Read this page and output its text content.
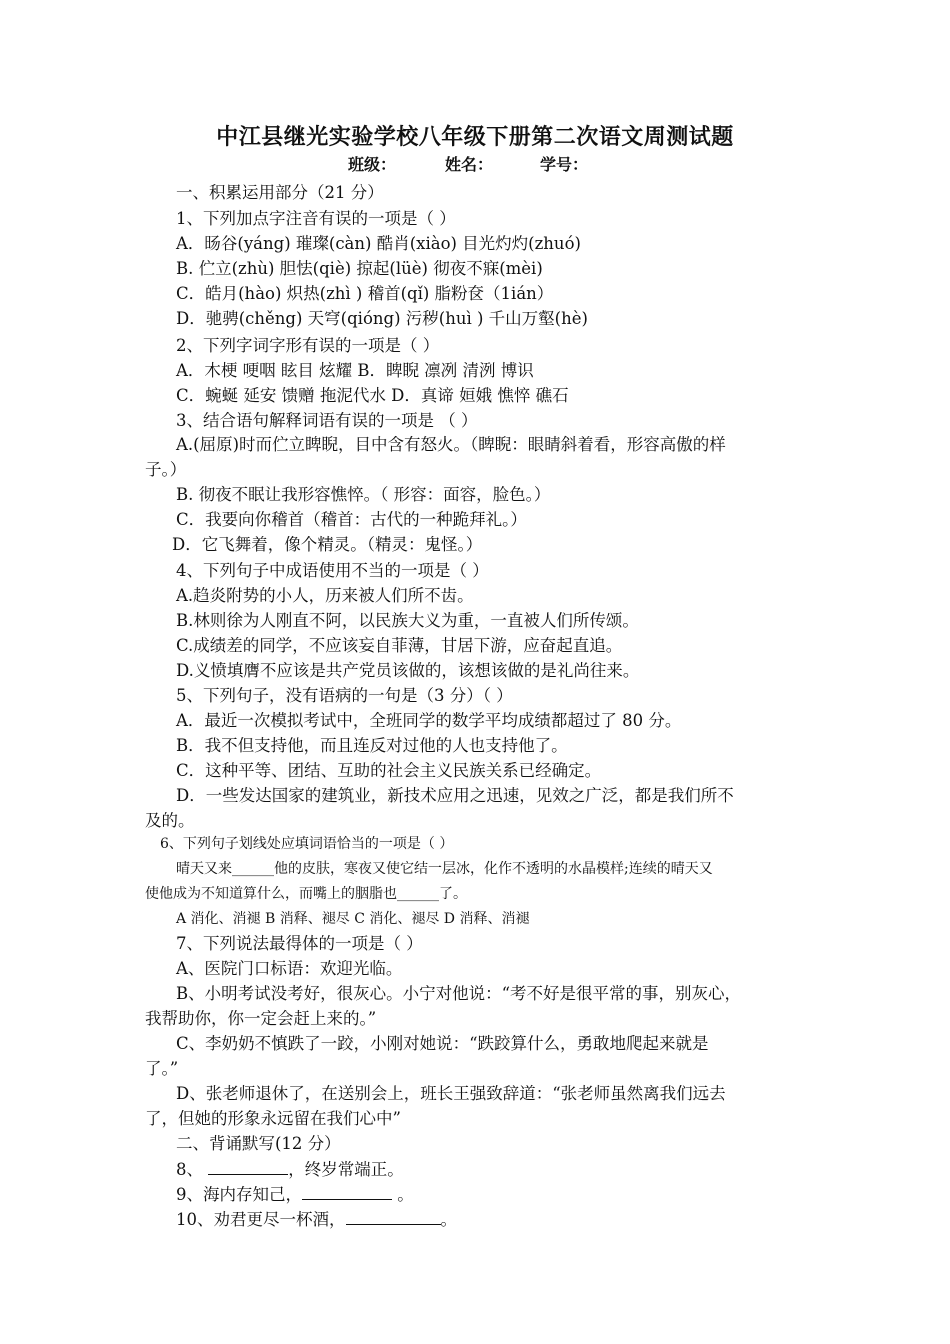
中江县继光实验学校八年级下册第二次语文周测试题
班级：	姓名：	学号：
一、积累运用部分（21 分）
1、下列加点字注音有误的一项是（ ）
A．旸谷(yáng) 璀璨(càn) 酷肖(xiào) 目光灼灼(zhuó)
B. 伫立(zhù) 胆怯(qiè) 掠起(lüè) 彻夜不寐(mèi)
C．皓月(hào) 炽热(zhì ) 稽首(qǐ) 脂粉奁（1ián）
D．驰骋(chěng) 天穹(qióng) 污秽(huì ) 千山万壑(hè)
2、下列字词字形有误的一项是（ ）
A．木梗 哽咽 眩目 炫耀 B．睥睨 凛冽 清洌 博识
C．蜿蜒 延安 馈赠 拖泥代水 D．真谛 姮娥 憔悴 礁石
3、结合语句解释词语有误的一项是 （ ）
A.(屈原)时而伫立睥睨，目中含有怒火。（睥睨：眼睛斜着看，形容高傲的样
子。）
B. 彻夜不眠让我形容憔悴。（ 形容：面容，脸色。）
C．我要向你稽首（稽首：古代的一种跪拜礼。）
D．它飞舞着，像个精灵。（精灵：鬼怪。）
4、下列句子中成语使用不当的一项是（ ）
A.趋炎附势的小人，历来被人们所不齿。
B.林则徐为人刚直不阿，以民族大义为重，一直被人们所传颂。
C.成绩差的同学，不应该妄自菲薄，甘居下游，应奋起直追。
D.义愤填膺不应该是共产党员该做的，该想该做的是礼尚往来。
5、下列句子，没有语病的一句是（3 分）（ ）
A．最近一次模拟考试中，全班同学的数学平均成绩都超过了 80 分。
B．我不但支持他，而且连反对过他的人也支持他了。
C．这种平等、团结、互助的社会主义民族关系已经确定。
D．一些发达国家的建筑业，新技术应用之迅速，见效之广泛，都是我们所不
及的。
6、下列句子划线处应填词语恰当的一项是（ ）
晴天又来______他的皮肤，寒夜又使它结一层冰，化作不透明的水晶模样;连续的晴天又
使他成为不知道算什么，而嘴上的胭脂也______了。
A 消化、消褪 B 消释、褪尽 C 消化、褪尽 D 消释、消褪
7、下列说法最得体的一项是（ ）
A、医院门口标语：欢迎光临。
B、小明考试没考好，很灰心。小宁对他说：“考不好是很平常的事，别灰心，
我帮助你，你一定会赶上来的。”
C、李奶奶不慎跌了一跤，小刚对她说：“跌跤算什么，勇敢地爬起来就是
了。”
D、张老师退休了，在送别会上，班长王强致辞道：“张老师虽然离我们远去
了，但她的形象永远留在我们心中”
二、背诵默写(12 分）
8、	，终岁常端正。
9、海内存知己，	。
10、劝君更尽一杯酒，	。
